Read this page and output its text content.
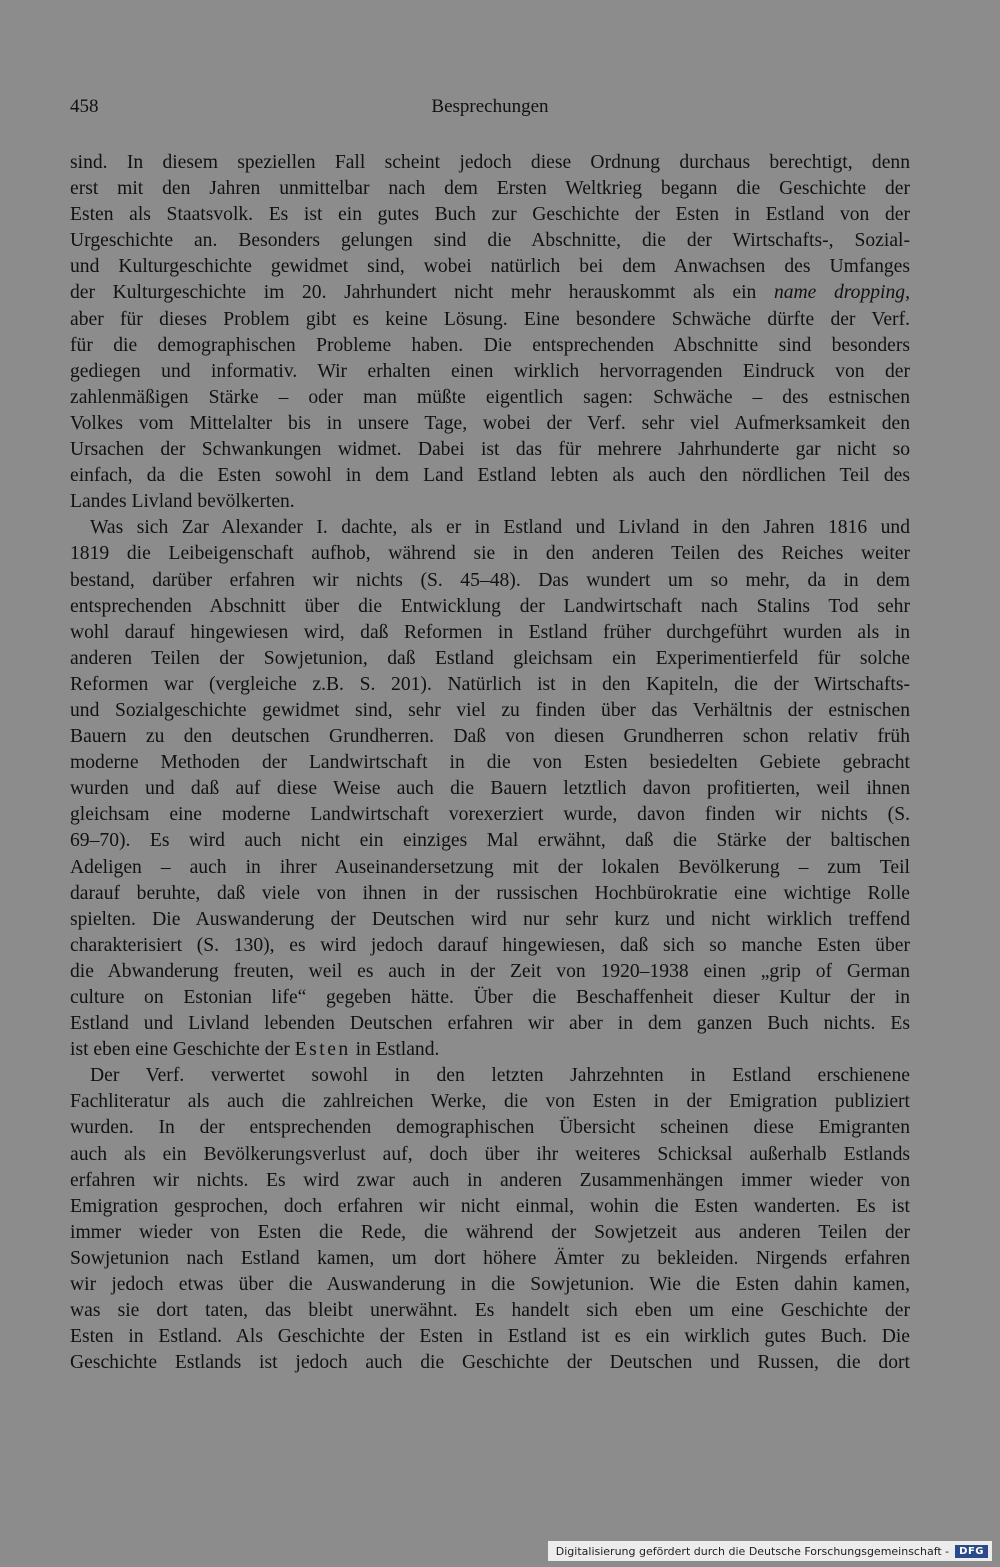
458	Besprechungen
sind. In diesem speziellen Fall scheint jedoch diese Ordnung durchaus berechtigt, denn
erst mit den Jahren unmittelbar nach dem Ersten Weltkrieg begann die Geschichte der
Esten als Staatsvolk. Es ist ein gutes Buch zur Geschichte der Esten in Estland von der
Urgeschichte an. Besonders gelungen sind die Abschnitte, die der Wirtschafts-, Sozial-
und Kulturgeschichte gewidmet sind, wobei natürlich bei dem Anwachsen des Umfanges
der Kulturgeschichte im 20. Jahrhundert nicht mehr herauskommt als ein name dropping,
aber für dieses Problem gibt es keine Lösung. Eine besondere Schwäche dürfte der Verf.
für die demographischen Probleme haben. Die entsprechenden Abschnitte sind besonders
gediegen und informativ. Wir erhalten einen wirklich hervorragenden Eindruck von der
zahlenmäßigen Stärke – oder man müßte eigentlich sagen: Schwäche – des estnischen
Volkes vom Mittelalter bis in unsere Tage, wobei der Verf. sehr viel Aufmerksamkeit den
Ursachen der Schwankungen widmet. Dabei ist das für mehrere Jahrhunderte gar nicht so
einfach, da die Esten sowohl in dem Land Estland lebten als auch den nördlichen Teil des
Landes Livland bevölkerten.
Was sich Zar Alexander I. dachte, als er in Estland und Livland in den Jahren 1816 und
1819 die Leibeigenschaft aufhob, während sie in den anderen Teilen des Reiches weiter
bestand, darüber erfahren wir nichts (S. 45–48). Das wundert um so mehr, da in dem
entsprechenden Abschnitt über die Entwicklung der Landwirtschaft nach Stalins Tod sehr
wohl darauf hingewiesen wird, daß Reformen in Estland früher durchgeführt wurden als in
anderen Teilen der Sowjetunion, daß Estland gleichsam ein Experimentierfeld für solche
Reformen war (vergleiche z.B. S. 201). Natürlich ist in den Kapiteln, die der Wirtschafts-
und Sozialgeschichte gewidmet sind, sehr viel zu finden über das Verhältnis der estnischen
Bauern zu den deutschen Grundherren. Daß von diesen Grundherren schon relativ früh
moderne Methoden der Landwirtschaft in die von Esten besiedelten Gebiete gebracht
wurden und daß auf diese Weise auch die Bauern letztlich davon profitierten, weil ihnen
gleichsam eine moderne Landwirtschaft vorexerziert wurde, davon finden wir nichts (S.
69–70). Es wird auch nicht ein einziges Mal erwähnt, daß die Stärke der baltischen
Adeligen – auch in ihrer Auseinandersetzung mit der lokalen Bevölkerung – zum Teil
darauf beruhte, daß viele von ihnen in der russischen Hochbürokratie eine wichtige Rolle
spielten. Die Auswanderung der Deutschen wird nur sehr kurz und nicht wirklich treffend
charakterisiert (S. 130), es wird jedoch darauf hingewiesen, daß sich so manche Esten über
die Abwanderung freuten, weil es auch in der Zeit von 1920–1938 einen „grip of German
culture on Estonian life“ gegeben hätte. Über die Beschaffenheit dieser Kultur der in
Estland und Livland lebenden Deutschen erfahren wir aber in dem ganzen Buch nichts. Es
ist eben eine Geschichte der Esten in Estland.
Der Verf. verwertet sowohl in den letzten Jahrzehnten in Estland erschienene
Fachliteratur als auch die zahlreichen Werke, die von Esten in der Emigration publiziert
wurden. In der entsprechenden demographischen Übersicht scheinen diese Emigranten
auch als ein Bevölkerungsverlust auf, doch über ihr weiteres Schicksal außerhalb Estlands
erfahren wir nichts. Es wird zwar auch in anderen Zusammenhängen immer wieder von
Emigration gesprochen, doch erfahren wir nicht einmal, wohin die Esten wanderten. Es ist
immer wieder von Esten die Rede, die während der Sowjetzeit aus anderen Teilen der
Sowjetunion nach Estland kamen, um dort höhere Ämter zu bekleiden. Nirgends erfahren
wir jedoch etwas über die Auswanderung in die Sowjetunion. Wie die Esten dahin kamen,
was sie dort taten, das bleibt unerwähnt. Es handelt sich eben um eine Geschichte der
Esten in Estland. Als Geschichte der Esten in Estland ist es ein wirklich gutes Buch. Die
Geschichte Estlands ist jedoch auch die Geschichte der Deutschen und Russen, die dort
Digitalisierung gefördert durch die Deutsche Forschungsgemeinschaft -	DFG
